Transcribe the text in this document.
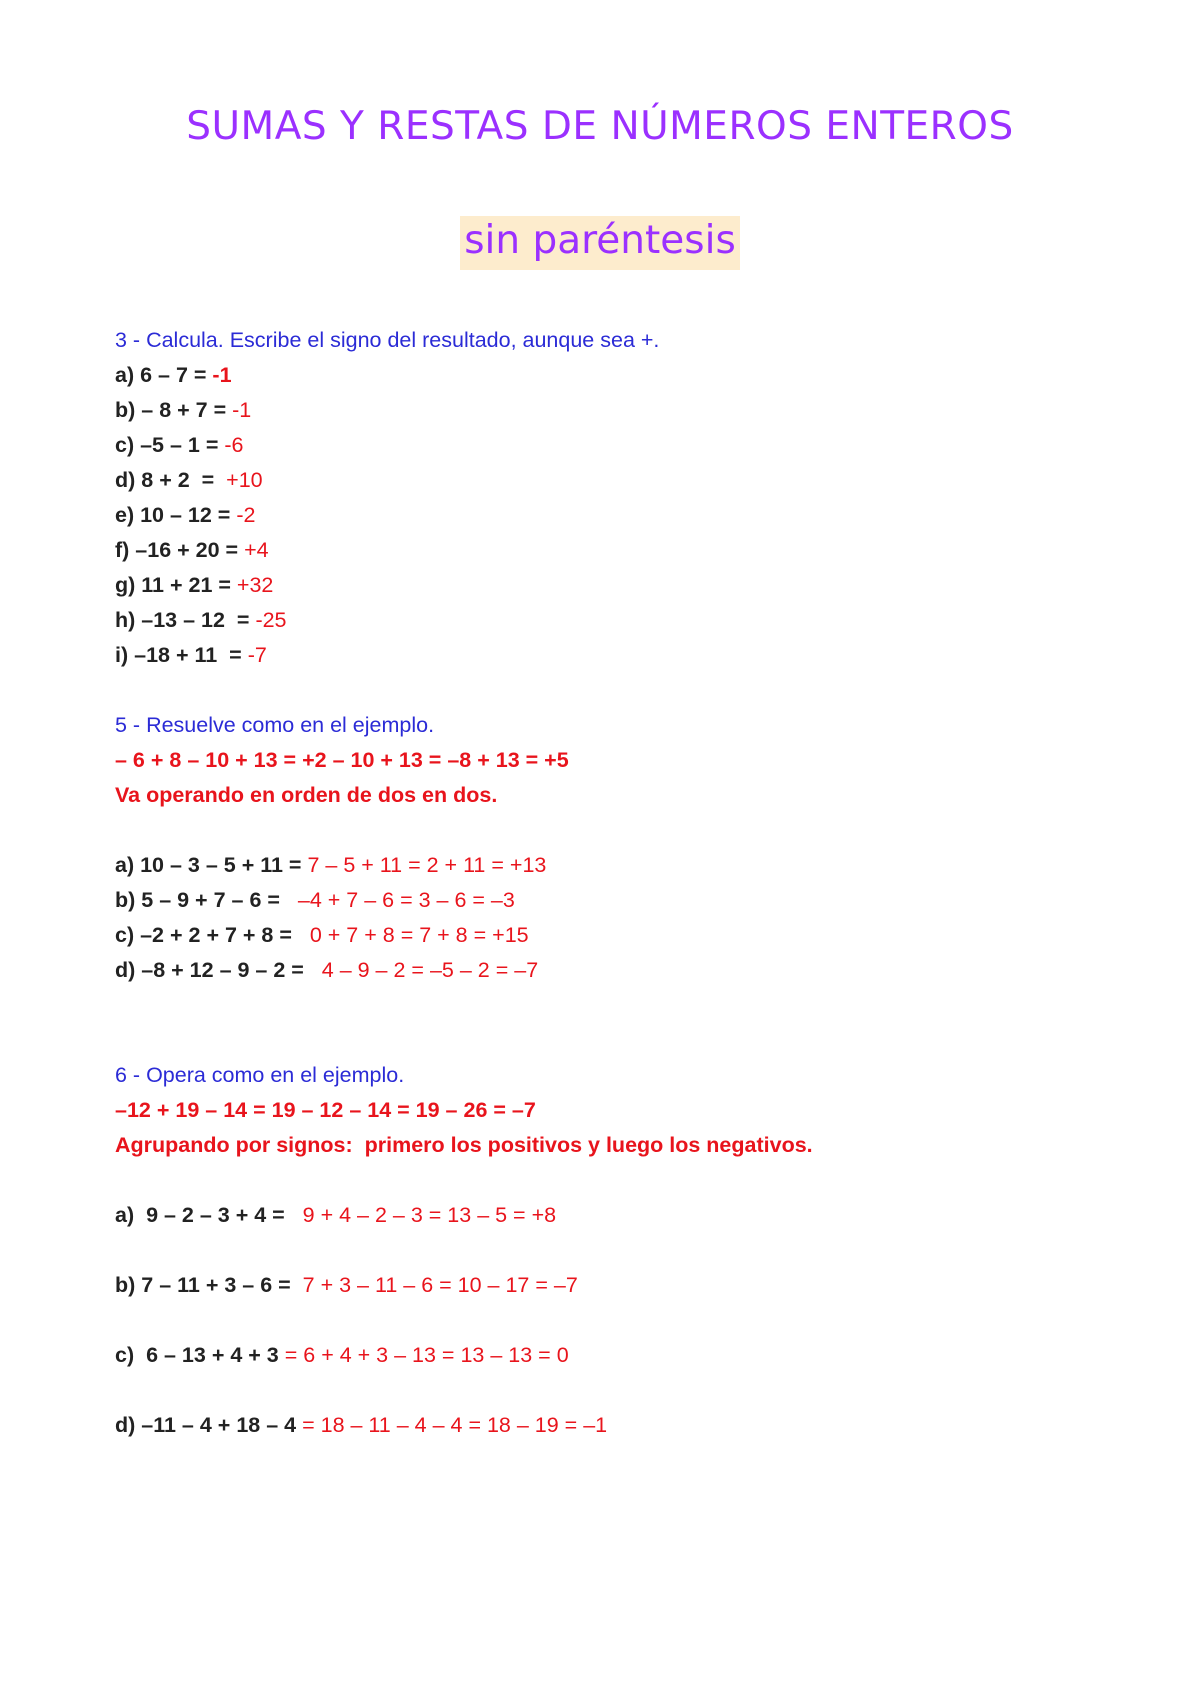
SUMAS Y RESTAS DE NÚMEROS ENTEROS
sin paréntesis
3 - Calcula. Escribe el signo del resultado, aunque sea +.
a) 6 – 7 = -1
b) – 8 + 7 = -1
c) –5 – 1 = -6
d) 8 + 2  =  +10
e) 10 – 12 = -2
f) –16 + 20 = +4
g) 11 + 21 = +32
h) –13 – 12  = -25
i) –18 + 11  = -7
5 - Resuelve como en el ejemplo.
– 6 + 8 – 10 + 13 = +2 – 10 + 13 = –8 + 13 = +5
Va operando en orden de dos en dos.
a) 10 – 3 – 5 + 11 = 7 – 5 + 11 = 2 + 11 = +13
b) 5 – 9 + 7 – 6 =   –4 + 7 – 6 = 3 – 6 = –3
c) –2 + 2 + 7 + 8 =   0 + 7 + 8 = 7 + 8 = +15
d) –8 + 12 – 9 – 2 =   4 – 9 – 2 = –5 – 2 = –7
6 - Opera como en el ejemplo.
–12 + 19 – 14 = 19 – 12 – 14 = 19 – 26 = –7
Agrupando por signos:  primero los positivos y luego los negativos.
a)  9 – 2 – 3 + 4 =   9 + 4 – 2 – 3 = 13 – 5 = +8
b) 7 – 11 + 3 – 6 =  7 + 3 – 11 – 6 = 10 – 17 = –7
c)  6 – 13 + 4 + 3 = 6 + 4 + 3 – 13 = 13 – 13 = 0
d) –11 – 4 + 18 – 4 = 18 – 11 – 4 – 4 = 18 – 19 = –1
